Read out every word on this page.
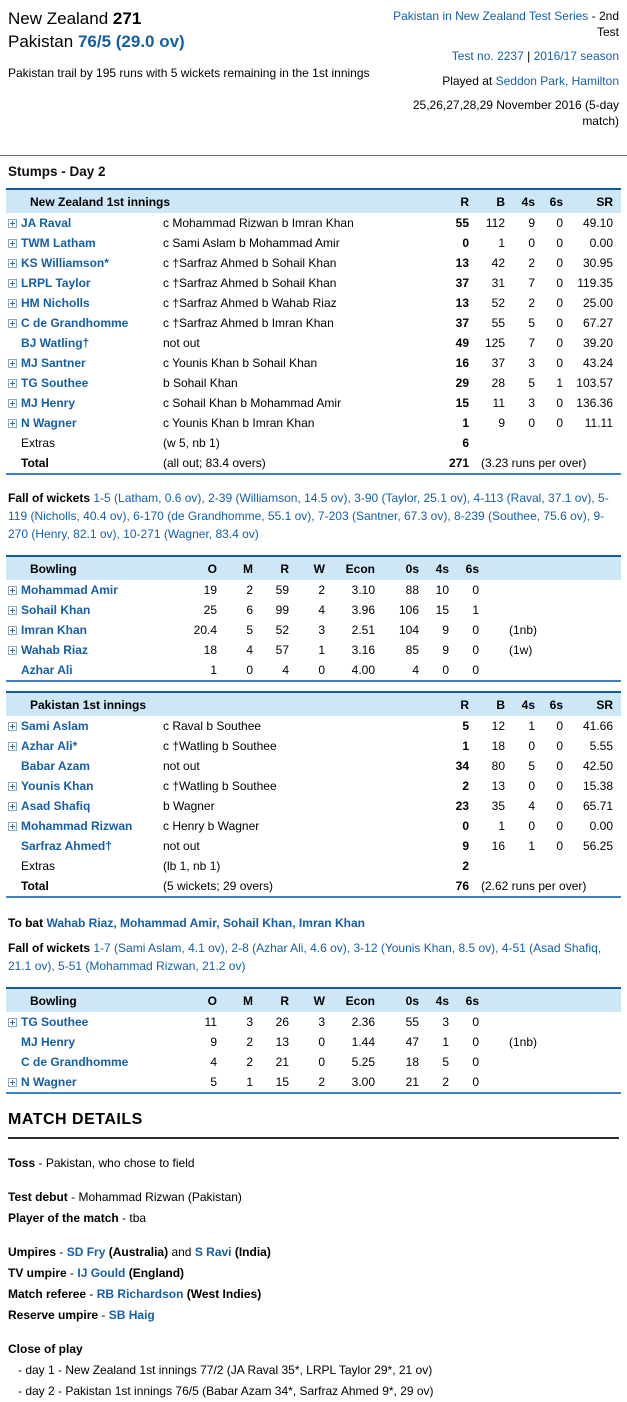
New Zealand 271
Pakistan 76/5 (29.0 ov)
Pakistan trail by 195 runs with 5 wickets remaining in the 1st innings
Pakistan in New Zealand Test Series - 2nd Test
Test no. 2237 | 2016/17 season
Played at Seddon Park, Hamilton
25,26,27,28,29 November 2016 (5-day match)
Stumps - Day 2
New Zealand 1st innings	R	B	4s	6s	SR
JA Raval	c Mohammad Rizwan b Imran Khan	55	112	9	0	49.10
TWM Latham	c Sami Aslam b Mohammad Amir	0	1	0	0	0.00
KS Williamson*	c †Sarfraz Ahmed b Sohail Khan	13	42	2	0	30.95
LRPL Taylor	c †Sarfraz Ahmed b Sohail Khan	37	31	7	0	119.35
HM Nicholls	c †Sarfraz Ahmed b Wahab Riaz	13	52	2	0	25.00
C de Grandhomme	c †Sarfraz Ahmed b Imran Khan	37	55	5	0	67.27
BJ Watling†	not out	49	125	7	0	39.20
MJ Santner	c Younis Khan b Sohail Khan	16	37	3	0	43.24
TG Southee	b Sohail Khan	29	28	5	1	103.57
MJ Henry	c Sohail Khan b Mohammad Amir	15	11	3	0	136.36
N Wagner	c Younis Khan b Imran Khan	1	9	0	0	11.11
Extras	(w 5, nb 1)	6
Total	(all out; 83.4 overs)	271	(3.23 runs per over)
Fall of wickets 1-5 (Latham, 0.6 ov), 2-39 (Williamson, 14.5 ov), 3-90 (Taylor, 25.1 ov), 4-113 (Raval, 37.1 ov), 5-119 (Nicholls, 40.4 ov), 6-170 (de Grandhomme, 55.1 ov), 7-203 (Santner, 67.3 ov), 8-239 (Southee, 75.6 ov), 9-270 (Henry, 82.1 ov), 10-271 (Wagner, 83.4 ov)
Bowling	O	M	R	W	Econ	0s	4s	6s
Mohammad Amir	19	2	59	2	3.10	88	10	0
Sohail Khan	25	6	99	4	3.96	106	15	1
Imran Khan	20.4	5	52	3	2.51	104	9	0	(1nb)
Wahab Riaz	18	4	57	1	3.16	85	9	0	(1w)
Azhar Ali	1	0	4	0	4.00	4	0	0
Pakistan 1st innings	R	B	4s	6s	SR
Sami Aslam	c Raval b Southee	5	12	1	0	41.66
Azhar Ali*	c †Watling b Southee	1	18	0	0	5.55
Babar Azam	not out	34	80	5	0	42.50
Younis Khan	c †Watling b Southee	2	13	0	0	15.38
Asad Shafiq	b Wagner	23	35	4	0	65.71
Mohammad Rizwan	c Henry b Wagner	0	1	0	0	0.00
Sarfraz Ahmed†	not out	9	16	1	0	56.25
Extras	(lb 1, nb 1)	2
Total	(5 wickets; 29 overs)	76	(2.62 runs per over)
To bat Wahab Riaz, Mohammad Amir, Sohail Khan, Imran Khan
Fall of wickets 1-7 (Sami Aslam, 4.1 ov), 2-8 (Azhar Ali, 4.6 ov), 3-12 (Younis Khan, 8.5 ov), 4-51 (Asad Shafiq, 21.1 ov), 5-51 (Mohammad Rizwan, 21.2 ov)
Bowling	O	M	R	W	Econ	0s	4s	6s
TG Southee	11	3	26	3	2.36	55	3	0
MJ Henry	9	2	13	0	1.44	47	1	0	(1nb)
C de Grandhomme	4	2	21	0	5.25	18	5	0
N Wagner	5	1	15	2	3.00	21	2	0
MATCH DETAILS
Toss - Pakistan, who chose to field
Test debut - Mohammad Rizwan (Pakistan)
Player of the match - tba
Umpires - SD Fry (Australia) and S Ravi (India)
TV umpire - IJ Gould (England)
Match referee - RB Richardson (West Indies)
Reserve umpire - SB Haig
Close of play
- day 1 - New Zealand 1st innings 77/2 (JA Raval 35*, LRPL Taylor 29*, 21 ov)
- day 2 - Pakistan 1st innings 76/5 (Babar Azam 34*, Sarfraz Ahmed 9*, 29 ov)
